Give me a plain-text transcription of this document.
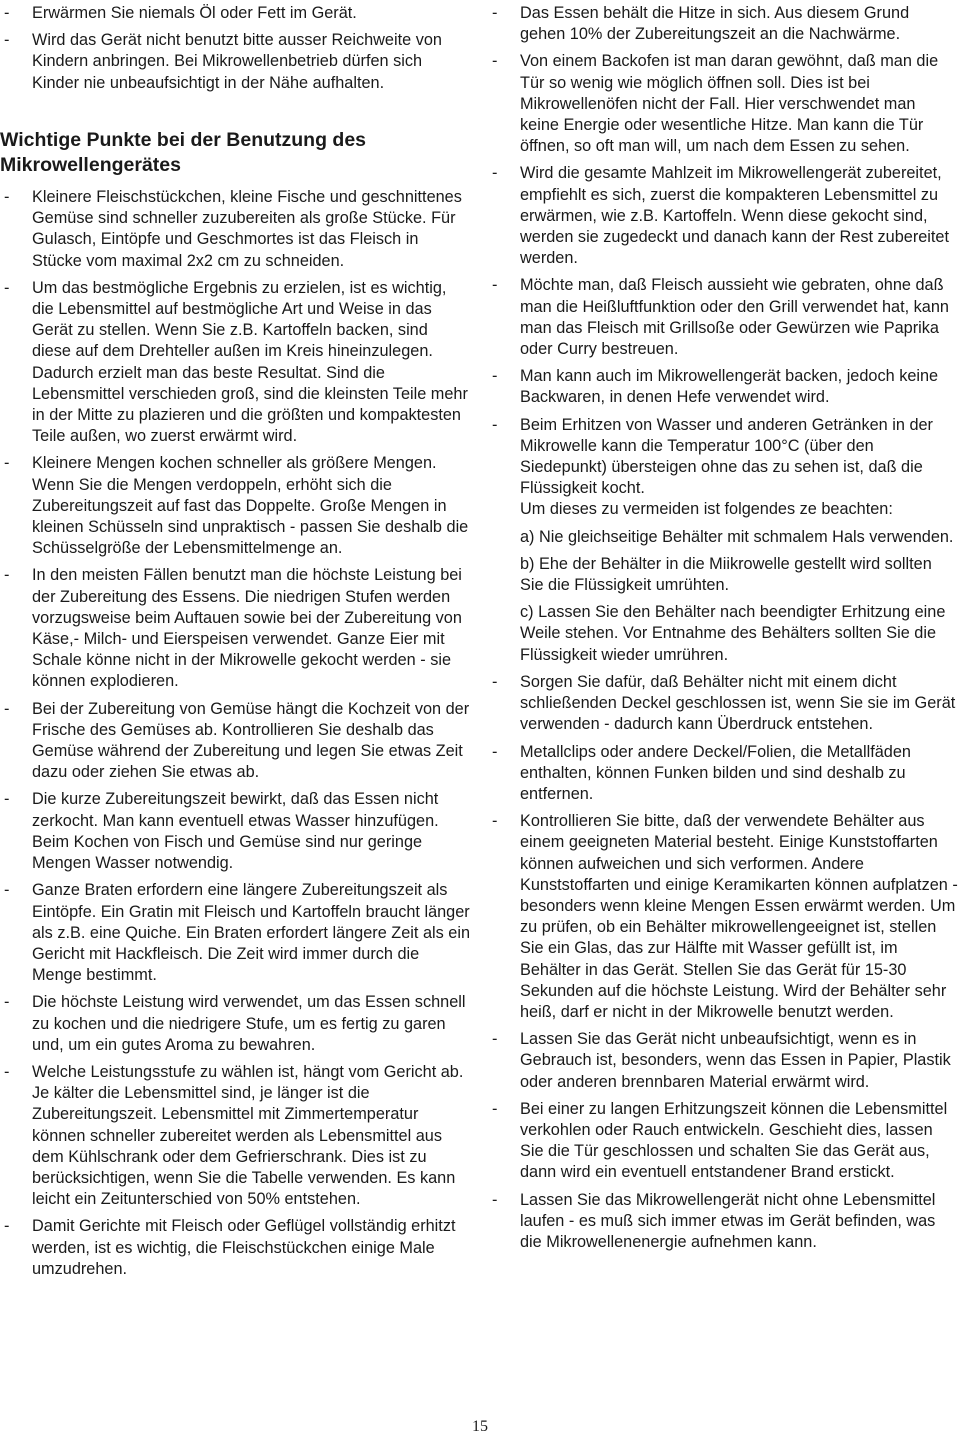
- Erwärmen Sie niemals Öl oder Fett im Gerät.
- Wird das Gerät nicht benutzt bitte ausser Reichweite von Kindern anbringen. Bei Mikrowellenbetrieb dürfen sich Kinder nie unbeaufsichtigt in der Nähe aufhalten.
Wichtige Punkte bei der Benutzung des Mikrowellengerätes
- Kleinere Fleischstückchen, kleine Fische und geschnittenes Gemüse sind schneller zuzubereiten als große Stücke. Für Gulasch, Eintöpfe und Geschmortes ist das Fleisch in Stücke vom maximal 2x2 cm zu schneiden.
- Um das bestmögliche Ergebnis zu erzielen, ist es wichtig, die Lebensmittel auf bestmögliche Art und Weise in das Gerät zu stellen. Wenn Sie z.B. Kartoffeln backen, sind diese auf dem Drehteller außen im Kreis hineinzulegen. Dadurch erzielt man das beste Resultat. Sind die Lebensmittel verschieden groß, sind die kleinsten Teile mehr in der Mitte zu plazieren und die größten und kompaktesten Teile außen, wo zuerst erwärmt wird.
- Kleinere Mengen kochen schneller als größere Mengen. Wenn Sie die Mengen verdoppeln, erhöht sich die Zubereitungszeit auf fast das Doppelte. Große Mengen in kleinen Schüsseln sind unpraktisch - passen Sie deshalb die Schüsselgröße der Lebensmittelmenge an.
- In den meisten Fällen benutzt man die höchste Leistung bei der Zubereitung des Essens. Die niedrigen Stufen werden vorzugsweise beim Auftauen sowie bei der Zubereitung von Käse,- Milch- und Eierspeisen verwendet. Ganze Eier mit Schale könne nicht in der Mikrowelle gekocht werden - sie können explodieren.
- Bei der Zubereitung von Gemüse hängt die Kochzeit von der Frische des Gemüses ab. Kontrollieren Sie deshalb das Gemüse während der Zubereitung und legen Sie etwas Zeit dazu oder ziehen Sie etwas ab.
- Die kurze Zubereitungszeit bewirkt, daß das Essen nicht zerkocht. Man kann eventuell etwas Wasser hinzufügen. Beim Kochen von Fisch und Gemüse sind nur geringe Mengen Wasser notwendig.
- Ganze Braten erfordern eine längere Zubereitungszeit als Eintöpfe. Ein Gratin mit Fleisch und Kartoffeln braucht länger als z.B. eine Quiche. Ein Braten erfordert längere Zeit als ein Gericht mit Hackfleisch. Die Zeit wird immer durch die Menge bestimmt.
- Die höchste Leistung wird verwendet, um das Essen schnell zu kochen und die niedrigere Stufe, um es fertig zu garen und, um ein gutes Aroma zu bewahren.
- Welche Leistungsstufe zu wählen ist, hängt vom Gericht ab. Je kälter die Lebensmittel sind, je länger ist die Zubereitungszeit. Lebensmittel mit Zimmertemperatur können schneller zubereitet werden als Lebensmittel aus dem Kühlschrank oder dem Gefrierschrank. Dies ist zu berücksichtigen, wenn Sie die Tabelle verwenden. Es kann leicht ein Zeitunterschied von 50% entstehen.
- Damit Gerichte mit Fleisch oder Geflügel vollständig erhitzt werden, ist es wichtig, die Fleischstückchen einige Male umzudrehen.
- Das Essen behält die Hitze in sich. Aus diesem Grund gehen 10% der Zubereitungszeit an die Nachwärme.
- Von einem Backofen ist man daran gewöhnt, daß man die Tür so wenig wie möglich öffnen soll. Dies ist bei Mikrowellenöfen nicht der Fall. Hier verschwendet man keine Energie oder wesentliche Hitze. Man kann die Tür öffnen, so oft man will, um nach dem Essen zu sehen.
- Wird die gesamte Mahlzeit im Mikrowellengerät zubereitet, empfiehlt es sich, zuerst die kompakteren Lebensmittel zu erwärmen, wie z.B. Kartoffeln. Wenn diese gekocht sind, werden sie zugedeckt und danach kann der Rest zubereitet werden.
- Möchte man, daß Fleisch aussieht wie gebraten, ohne daß man die Heißluftfunktion oder den Grill verwendet hat, kann man das Fleisch mit Grillsoße oder Gewürzen wie Paprika oder Curry bestreuen.
- Man kann auch im Mikrowellengerät backen, jedoch keine Backwaren, in denen Hefe verwendet wird.
- Beim Erhitzen von Wasser und anderen Getränken in der Mikrowelle kann die Temperatur 100°C (über den Siedepunkt) übersteigen ohne das zu sehen ist, daß die Flüssigkeit kocht.
Um dieses zu vermeiden ist folgendes ze beachten:
a) Nie gleichseitige Behälter mit schmalem Hals verwenden.
b) Ehe der Behälter in die Miikrowelle gestellt wird sollten Sie die Flüssigkeit umrühten.
c) Lassen Sie den Behälter nach beendigter Erhitzung eine Weile stehen. Vor Entnahme des Behälters sollten Sie die Flüssigkeit wieder umrühren.
- Sorgen Sie dafür, daß Behälter nicht mit einem dicht schließenden Deckel geschlossen ist, wenn Sie sie im Gerät verwenden - dadurch kann Überdruck entstehen.
- Metallclips oder andere Deckel/Folien, die Metallfäden enthalten, können Funken bilden und sind deshalb zu entfernen.
- Kontrollieren Sie bitte, daß der verwendete Behälter aus einem geeigneten Material besteht. Einige Kunststoffarten können aufweichen und sich verformen. Andere Kunststoffarten und einige Keramikarten können aufplatzen - besonders wenn kleine Mengen Essen erwärmt werden. Um zu prüfen, ob ein Behälter mikrowellengeeignet ist, stellen Sie ein Glas, das zur Hälfte mit Wasser gefüllt ist, im Behälter in das Gerät. Stellen Sie das Gerät für 15-30 Sekunden auf die höchste Leistung. Wird der Behälter sehr heiß, darf er nicht in der Mikrowelle benutzt werden.
- Lassen Sie das Gerät nicht unbeaufsichtigt, wenn es in Gebrauch ist, besonders, wenn das Essen in Papier, Plastik oder anderen brennbaren Material erwärmt wird.
- Bei einer zu langen Erhitzungszeit können die Lebensmittel verkohlen oder Rauch entwickeln. Geschieht dies, lassen Sie die Tür geschlossen und schalten Sie das Gerät aus, dann wird ein eventuell entstandener Brand erstickt.
- Lassen Sie das Mikrowellengerät nicht ohne Lebensmittel laufen - es muß sich immer etwas im Gerät befinden, was die Mikrowellenenergie aufnehmen kann.
15
